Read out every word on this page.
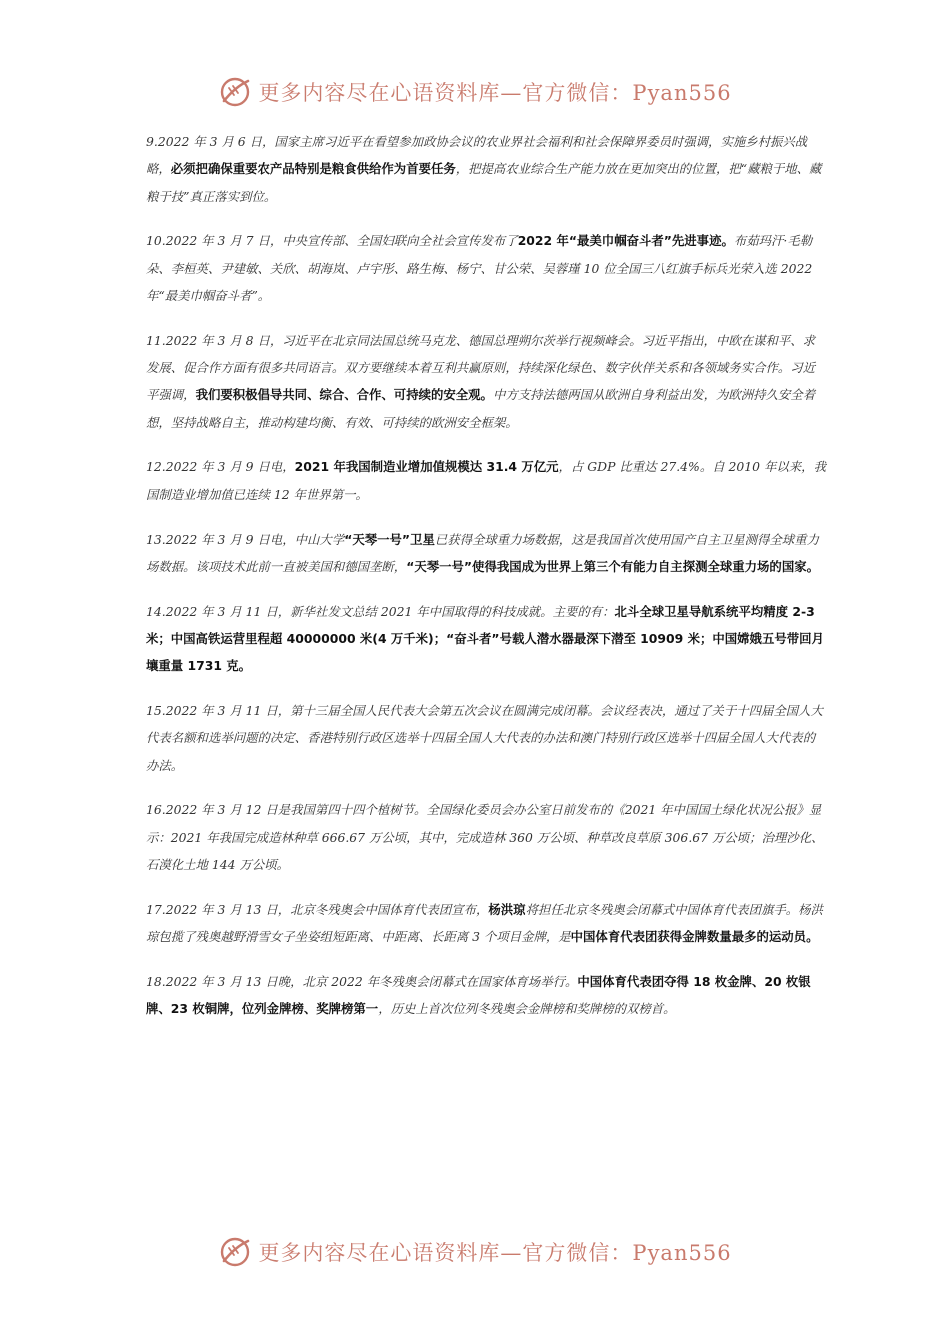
更多内容尽在心语资料库—官方微信：Pyan556

9.2022 年 3 月 6 日，国家主席习近平在看望参加政协会议的农业界社会福利和社会保障界委员时强调，实施乡村振兴战略，必须把确保重要农产品特别是粮食供给作为首要任务，把提高农业综合生产能力放在更加突出的位置，把“藏粮于地、藏粮于技”真正落实到位。

10.2022 年 3 月 7 日，中央宣传部、全国妇联向全社会宣传发布了2022 年“最美巾帼奋斗者”先进事迹。布茹玛汗·毛勒朵、李桓英、尹建敏、关欣、胡海岚、卢宇彤、路生梅、杨宁、甘公荣、吴蓉瑾 10 位全国三八红旗手标兵光荣入选 2022 年“最美巾帼奋斗者”。

11.2022 年 3 月 8 日，习近平在北京同法国总统马克龙、德国总理朔尔茨举行视频峰会。习近平指出，中欧在谋和平、求发展、促合作方面有很多共同语言。双方要继续本着互利共赢原则，持续深化绿色、数字伙伴关系和各领域务实合作。习近平强调，我们要积极倡导共同、综合、合作、可持续的安全观。中方支持法德两国从欧洲自身利益出发，为欧洲持久安全着想，坚持战略自主，推动构建均衡、有效、可持续的欧洲安全框架。

12.2022 年 3 月 9 日电，2021 年我国制造业增加值规模达 31.4 万亿元，占 GDP 比重达 27.4%。自 2010 年以来，我国制造业增加值已连续 12 年世界第一。

13.2022 年 3 月 9 日电，中山大学“天琴一号”卫星已获得全球重力场数据，这是我国首次使用国产自主卫星测得全球重力场数据。该项技术此前一直被美国和德国垄断，“天琴一号”使得我国成为世界上第三个有能力自主探测全球重力场的国家。

14.2022 年 3 月 11 日，新华社发文总结 2021 年中国取得的科技成就。主要的有：北斗全球卫星导航系统平均精度 2-3 米；中国高铁运营里程超 40000000 米(4 万千米)；“奋斗者”号载人潜水器最深下潜至 10909 米；中国嫦娥五号带回月壤重量 1731 克。

15.2022 年 3 月 11 日，第十三届全国人民代表大会第五次会议在圆满完成闭幕。会议经表决，通过了关于十四届全国人大代表名额和选举问题的决定、香港特别行政区选举十四届全国人大代表的办法和澳门特别行政区选举十四届全国人大代表的办法。

16.2022 年 3 月 12 日是我国第四十四个植树节。全国绿化委员会办公室日前发布的《2021 年中国国土绿化状况公报》显示：2021 年我国完成造林种草 666.67 万公顷，其中，完成造林 360 万公顷、种草改良草原 306.67 万公顷；治理沙化、石漠化土地 144 万公顷。

17.2022 年 3 月 13 日，北京冬残奥会中国体育代表团宣布，杨洪琼将担任北京冬残奥会闭幕式中国体育代表团旗手。杨洪琼包揽了残奥越野滑雪女子坐姿组短距离、中距离、长距离 3 个项目金牌，是中国体育代表团获得金牌数量最多的运动员。

18.2022 年 3 月 13 日晚，北京 2022 年冬残奥会闭幕式在国家体育场举行。中国体育代表团夺得 18 枚金牌、20 枚银牌、23 枚铜牌，位列金牌榜、奖牌榜第一，历史上首次位列冬残奥会金牌榜和奖牌榜的双榜首。

更多内容尽在心语资料库—官方微信：Pyan556
